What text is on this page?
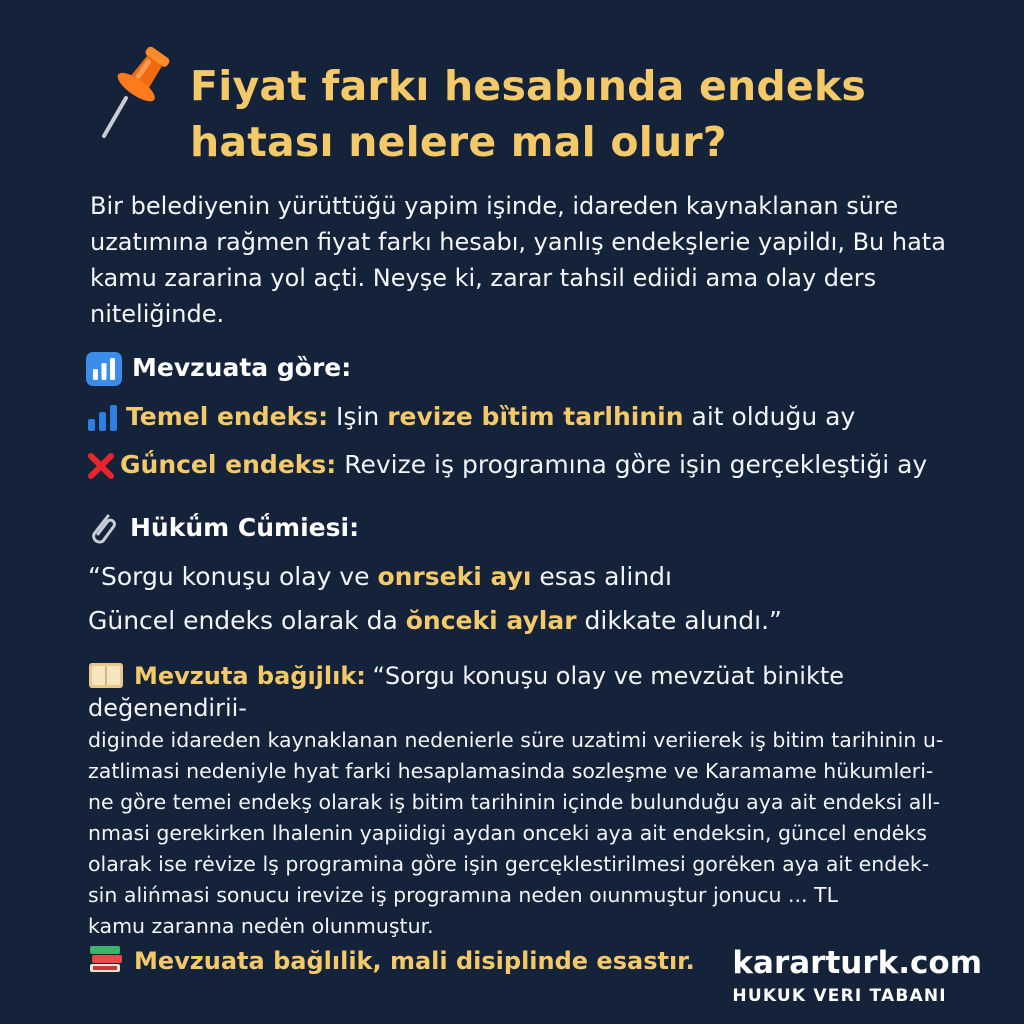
Fiyat farkı hesabında endeks
hatası nelere mal olur?
Bir belediyenin yürüttüğü yapim işinde, idareden kaynaklanan süre uzatımına rağmen fiyat farkı hesabı, yanlış endekşlerie yapildı, Bu hata kamu zararina yol açti. Neyşe ki, zarar tahsil ediidi ama olay ders niteliğinde.
Mevzuata gȍre:
Temel endeks: Işin revize bȉtim tarlhinin ait olduğu ay
Gǘncel endeks: Revize iş programına gȍre işin gerçekleştiği ay
Hükǘm Cǘmiesi:
“Sorgu konuşu olay ve onrseki ayı esas alindı
Güncel endeks olarak da ŏnceki̇ aylar dikkate alundı.”
Mevzuta bağıjlık: “Sorgu konuşu olay ve mevzüat binikte değenendirii-
diginde idareden kaynaklanan nedenierle süre uzatimi veriierek iş bitim tarihinin u-
zatlimasi nedeniyle hyat farki hesaplamasinda sozleşme ve Karamame hükumleri-
ne gȍre temei endekş olarak iş bitim tarihinin içinde bulunduğu aya ait endeksi all-
nmasi gerekirken lhalenin yapiidigi aydan onceki aya ait endeksin, güncel endėks
olarak ise rėvize lş programina gȍre işin gercęklestirilmesi gorėken aya ait endek-
sin alińmasi sonucu irevize iş programına neden oıunmuştur jonucu ... TL
kamu zaranna nedėn olunmuştur.
Mevzuata bağlılik, mali disiplinde esastır. kararturk.com
HUKUK VERI TABANI
